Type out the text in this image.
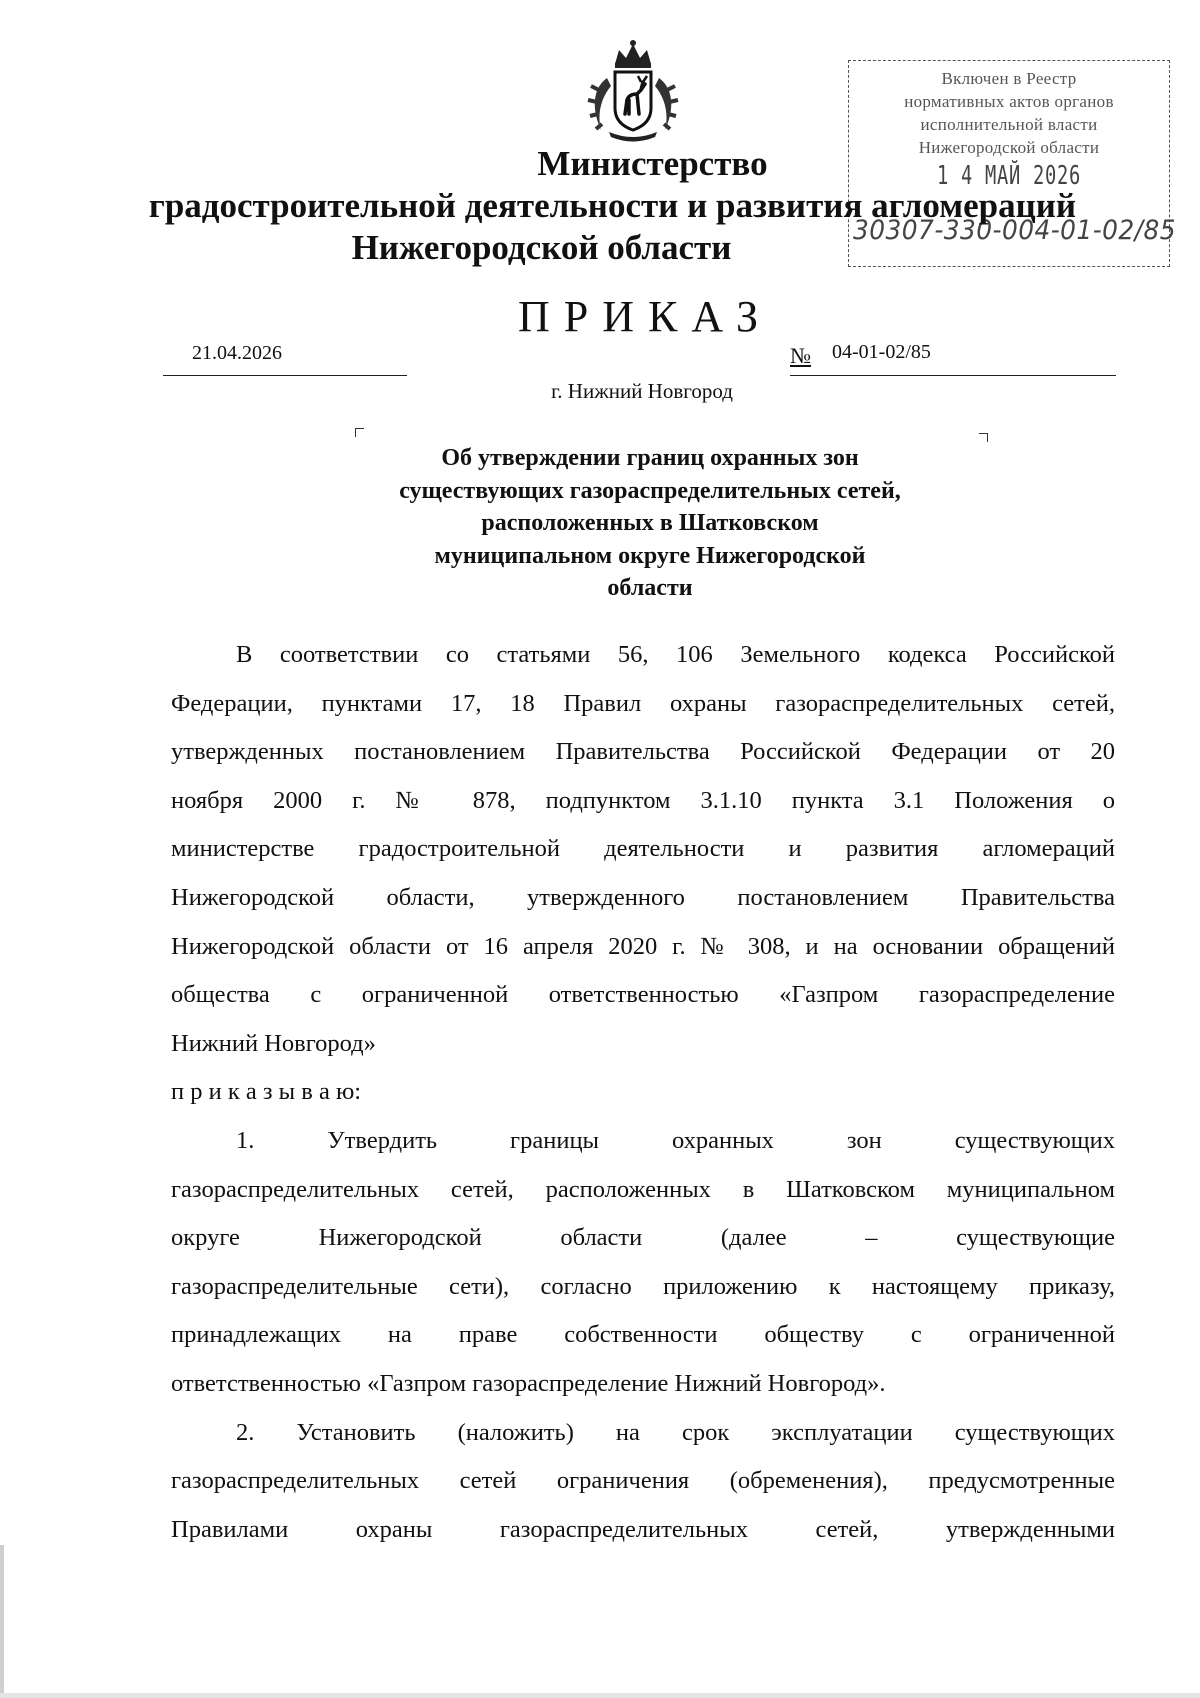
Включен в Реестр
нормативных актов органов
исполнительной власти
Нижегородской области
1 4 МАЙ 2026
30307-330-004-01-02/85
Министерство
градостроительной деятельности и развития агломераций
Нижегородской области
ПРИКАЗ
21.04.2026	№ 04-01-02/85
г. Нижний Новгород
Об утверждении границ охранных зон
существующих газораспределительных сетей,
расположенных в Шатковском
муниципальном округе Нижегородской
области
В соответствии со статьями 56, 106 Земельного кодекса Российской
Федерации, пунктами 17, 18 Правил охраны газораспределительных сетей,
утвержденных постановлением Правительства Российской Федерации от 20
ноября 2000 г. № 878, подпунктом 3.1.10 пункта 3.1 Положения о
министерстве градостроительной деятельности и развития агломераций
Нижегородской области, утвержденного постановлением Правительства
Нижегородской области от 16 апреля 2020 г. № 308, и на основании обращений
общества с ограниченной ответственностью «Газпром газораспределение
Нижний Новгород»
п р и к а з ы в а ю:
1. Утвердить границы охранных зон существующих
газораспределительных сетей, расположенных в Шатковском муниципальном
округе Нижегородской области (далее – существующие
газораспределительные сети), согласно приложению к настоящему приказу,
принадлежащих на праве собственности обществу с ограниченной
ответственностью «Газпром газораспределение Нижний Новгород».
2. Установить (наложить) на срок эксплуатации существующих
газораспределительных сетей ограничения (обременения), предусмотренные
Правилами охраны газораспределительных сетей, утвержденными
